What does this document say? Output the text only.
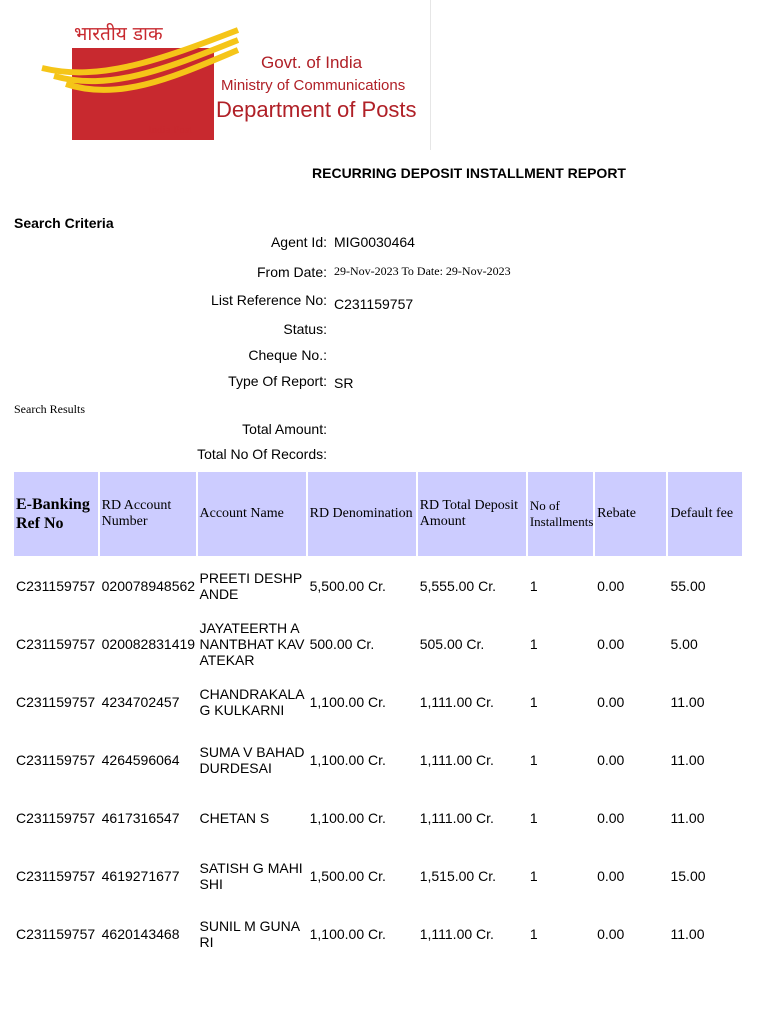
भारतीय डाक
India Post
Govt. of India
Ministry of Communications
Department of Posts
RECURRING DEPOSIT INSTALLMENT REPORT
Search Criteria
Agent Id: MIG0030464
From Date: 29-Nov-2023 To Date: 29-Nov-2023
List Reference No: C231159757
Status:
Cheque No.:
Type Of Report: SR
Search Results
Total Amount:
Total No Of Records:
E-Banking Ref No	RD Account Number	Account Name	RD Denomination	RD Total Deposit Amount	No of Installments	Rebate	Default fee
C231159757	020078948562	PREETI DESHPANDE	5,500.00 Cr.	5,555.00 Cr.	1	0.00	55.00
C231159757	020082831419	JAYATEERTH ANANTBHAT KAVATEKAR	500.00 Cr.	505.00 Cr.	1	0.00	5.00
C231159757	4234702457	CHANDRAKALA G KULKARNI	1,100.00 Cr.	1,111.00 Cr.	1	0.00	11.00
C231159757	4264596064	SUMA V BAHADDURDESAI	1,100.00 Cr.	1,111.00 Cr.	1	0.00	11.00
C231159757	4617316547	CHETAN S	1,100.00 Cr.	1,111.00 Cr.	1	0.00	11.00
C231159757	4619271677	SATISH G MAHISHI	1,500.00 Cr.	1,515.00 Cr.	1	0.00	15.00
C231159757	4620143468	SUNIL M GUNARI	1,100.00 Cr.	1,111.00 Cr.	1	0.00	11.00
